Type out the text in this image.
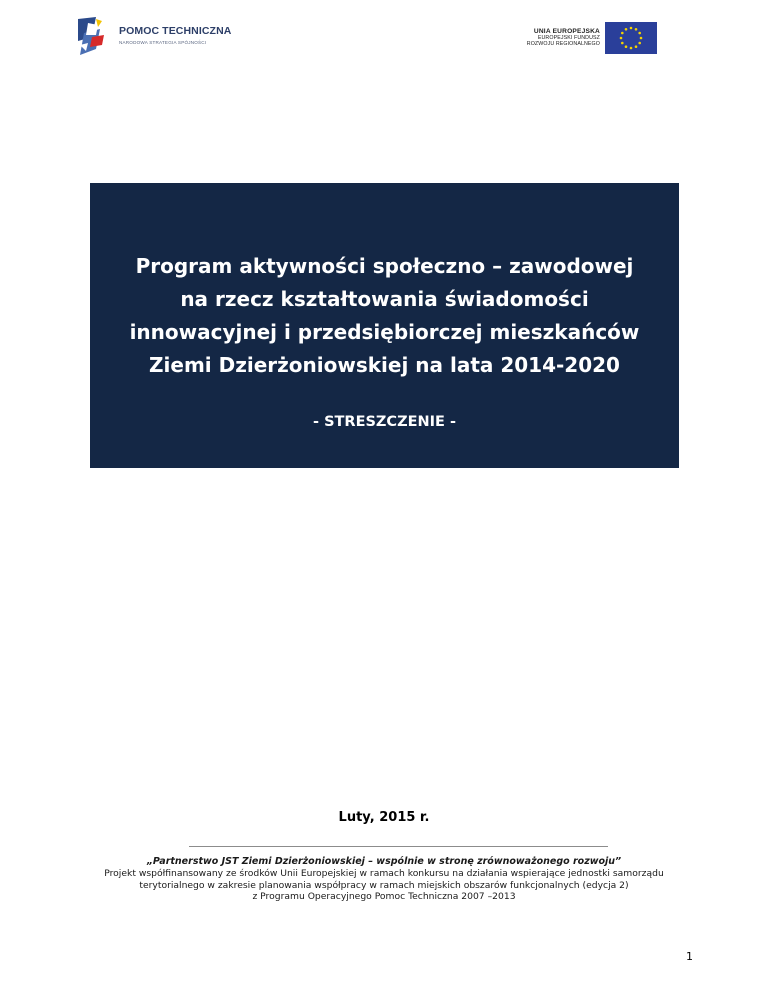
POMOC TECHNICZNA
NARODOWA STRATEGIA SPÓJNOŚCI
UNIA EUROPEJSKA
EUROPEJSKI FUNDUSZ
ROZWOJU REGIONALNEGO
Program aktywności społeczno – zawodowej
na rzecz kształtowania świadomości
innowacyjnej i przedsiębiorczej mieszkańców
Ziemi Dzierżoniowskiej na lata 2014-2020
- STRESZCZENIE -
Luty, 2015 r.
„Partnerstwo JST Ziemi Dzierżoniowskiej – wspólnie w stronę zrównoważonego rozwoju”
Projekt współfinansowany ze środków Unii Europejskiej w ramach konkursu na działania wspierające jednostki samorządu
terytorialnego w zakresie planowania współpracy w ramach miejskich obszarów funkcjonalnych (edycja 2)
z Programu Operacyjnego Pomoc Techniczna 2007 –2013
1
